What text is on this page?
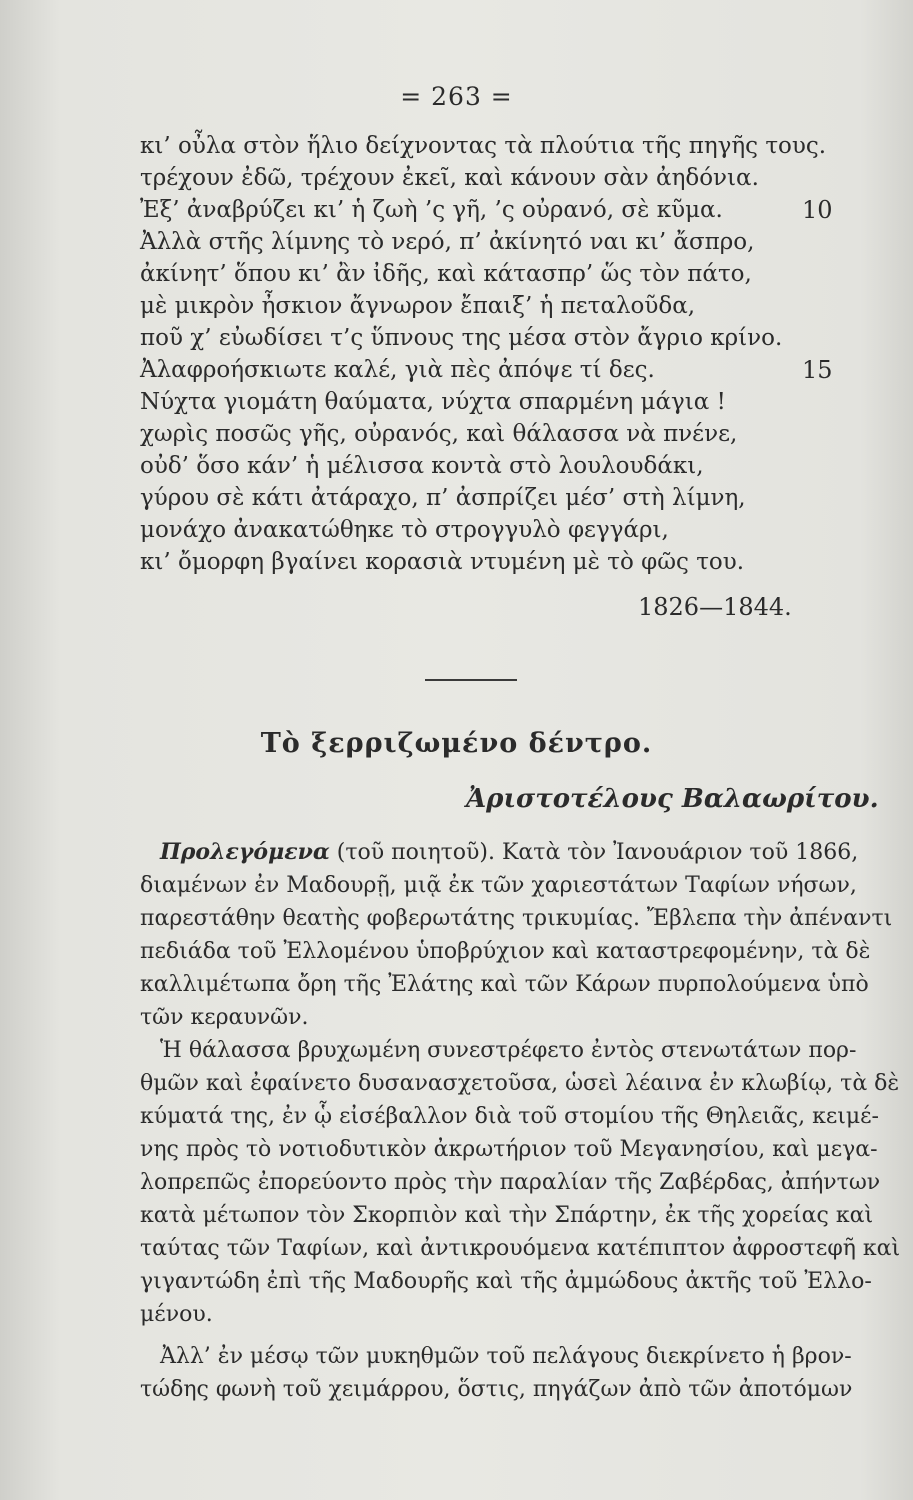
= 263 =
κι’ οὖλα στὸν ἥλιο δείχνοντας τὰ πλούτια τῆς πηγῆς τους.
τρέχουν ἐδῶ, τρέχουν ἐκεῖ, καὶ κάνουν σὰν ἀηδόνια.
Ἐξ’ ἀναβρύζει κι’ ἡ ζωὴ ’ς γῆ, ’ς οὐρανό, σὲ κῦμα.	10
Ἀλλὰ στῆς λίμνης τὸ νερό, π’ ἀκίνητό ναι κι’ ἄσπρο,
ἀκίνητ’ ὅπου κι’ ἂν ἰδῆς, καὶ κάτασπρ’ ὥς τὸν πάτο,
μὲ μικρὸν ἦσκιον ἄγνωρον ἔπαιξ’ ἡ πεταλοῦδα,
ποῦ χ’ εὐωδίσει τ’ς ὕπνους της μέσα στὸν ἄγριο κρίνο.
Ἀλαφροήσκιωτε καλέ, γιὰ πὲς ἀπόψε τί δες.	15
Νύχτα γιομάτη θαύματα, νύχτα σπαρμένη μάγια !
χωρὶς ποσῶς γῆς, οὐρανός, καὶ θάλασσα νὰ πνένε,
οὐδ’ ὅσο κάν’ ἡ μέλισσα κοντὰ στὸ λουλουδάκι,
γύρου σὲ κάτι ἀτάραχο, π’ ἀσπρίζει μέσ’ στὴ λίμνη,
μονάχο ἀνακατώθηκε τὸ στρογγυλὸ φεγγάρι,
κι’ ὄμορφη βγαίνει κορασιὰ ντυμένη μὲ τὸ φῶς του.
1826—1844.
Τὸ ξερριζωμένο δέντρο.
Ἀριστοτέλους Βαλαωρίτου.
Προλεγόμενα (τοῦ ποιητοῦ). Κατὰ τὸν Ἰανουάριον τοῦ 1866,
διαμένων ἐν Μαδουρῇ, μιᾷ ἐκ τῶν χαριεστάτων Ταφίων νήσων,
παρεστάθην θεατὴς φοβερωτάτης τρικυμίας. Ἔβλεπα τὴν ἀπέναντι
πεδιάδα τοῦ Ἐλλομένου ὑποβρύχιον καὶ καταστρεφομένην, τὰ δὲ
καλλιμέτωπα ὄρη τῆς Ἐλάτης καὶ τῶν Κάρων πυρπολούμενα ὑπὸ
τῶν κεραυνῶν.
Ἡ θάλασσα βρυχωμένη συνεστρέφετο ἐντὸς στενωτάτων πορ-
θμῶν καὶ ἐφαίνετο δυσανασχετοῦσα, ὡσεὶ λέαινα ἐν κλωβίῳ, τὰ δὲ
κύματά της, ἐν ᾧ εἰσέβαλλον διὰ τοῦ στομίου τῆς Θηλειᾶς, κειμέ-
νης πρὸς τὸ νοτιοδυτικὸν ἀκρωτήριον τοῦ Μεγανησίου, καὶ μεγα-
λοπρεπῶς ἐπορεύοντο πρὸς τὴν παραλίαν τῆς Ζαβέρδας, ἀπήντων
κατὰ μέτωπον τὸν Σκορπιὸν καὶ τὴν Σπάρτην, ἐκ τῆς χορείας καὶ
ταύτας τῶν Ταφίων, καὶ ἀντικρουόμενα κατέπιπτον ἀφροστεφῆ καὶ
γιγαντώδη ἐπὶ τῆς Μαδουρῆς καὶ τῆς ἀμμώδους ἀκτῆς τοῦ Ἐλλο-
μένου.
Ἀλλ’ ἐν μέσῳ τῶν μυκηθμῶν τοῦ πελάγους διεκρίνετο ἡ βρον-
τώδης φωνὴ τοῦ χειμάρρου, ὅστις, πηγάζων ἀπὸ τῶν ἀποτόμων
